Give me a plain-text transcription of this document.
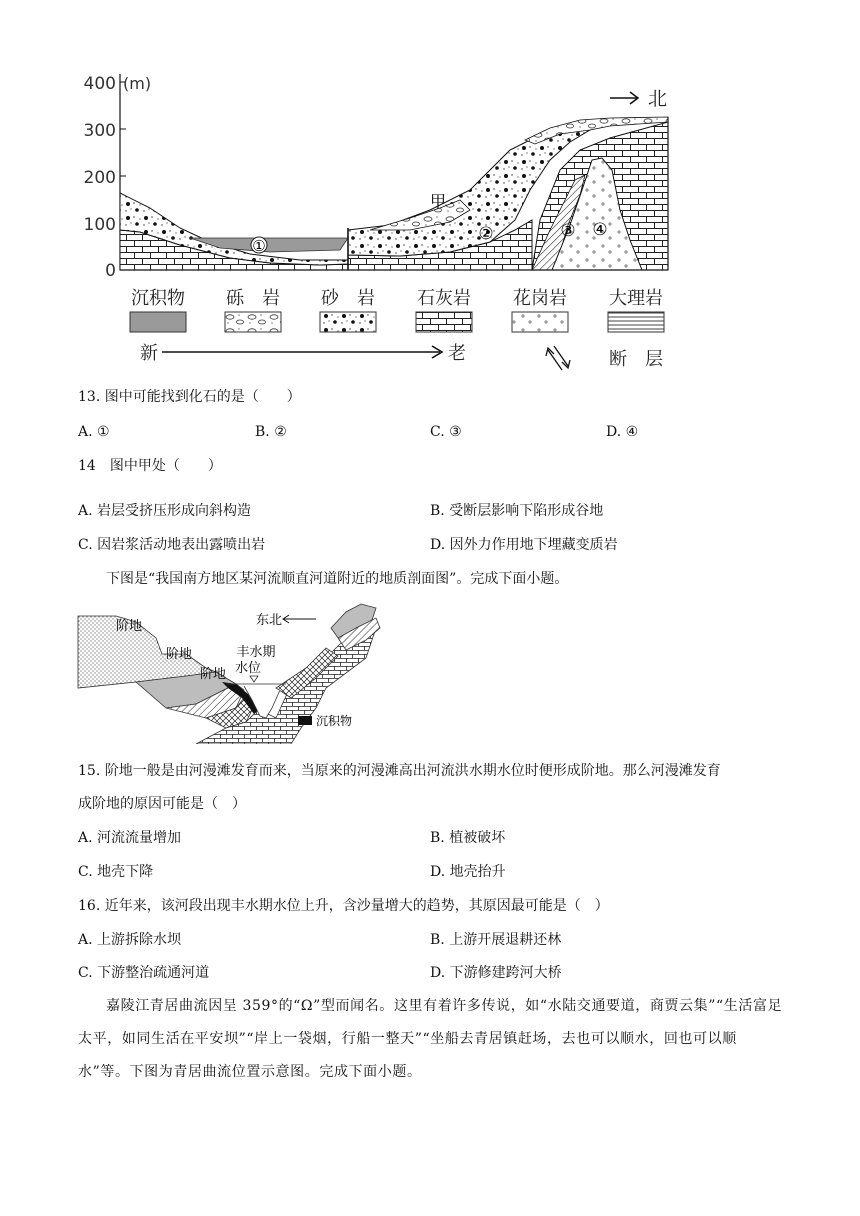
400
300
200
100
0
(m)
北
①
②	③ ④
甲
沉积物 砾　岩 砂　岩 石灰岩 花岗岩 大理岩
新	老	断　层
13. 图中可能找到化石的是（　　）
A. ①	B. ②	C. ③	D. ④
14　图中甲处（　　）
A. 岩层受挤压形成向斜构造	B. 受断层影响下陷形成谷地
C. 因岩浆活动地表出露喷出岩	D. 因外力作用地下埋藏变质岩
下图是“我国南方地区某河流顺直河道附近的地质剖面图”。完成下面小题。
阶地
阶地
阶地
东北
丰水期
水位
沉积物
15. 阶地一般是由河漫滩发育而来，当原来的河漫滩高出河流洪水期水位时便形成阶地。那么河漫滩发育
成阶地的原因可能是（　）
A. 河流流量增加	B. 植被破坏
C. 地壳下降	D. 地壳抬升
16. 近年来，该河段出现丰水期水位上升，含沙量增大的趋势，其原因最可能是（　）
A. 上游拆除水坝	B. 上游开展退耕还林
C. 下游整治疏通河道	D. 下游修建跨河大桥
嘉陵江青居曲流因呈 359°的“Ω”型而闻名。这里有着许多传说，如“水陆交通要道，商贾云集”“生活富足太平，如同生活在平安坝”“岸上一袋烟，行船一整天”“坐船去青居镇赶场，去也可以顺水，回也可以顺水”等。下图为青居曲流位置示意图。完成下面小题。
